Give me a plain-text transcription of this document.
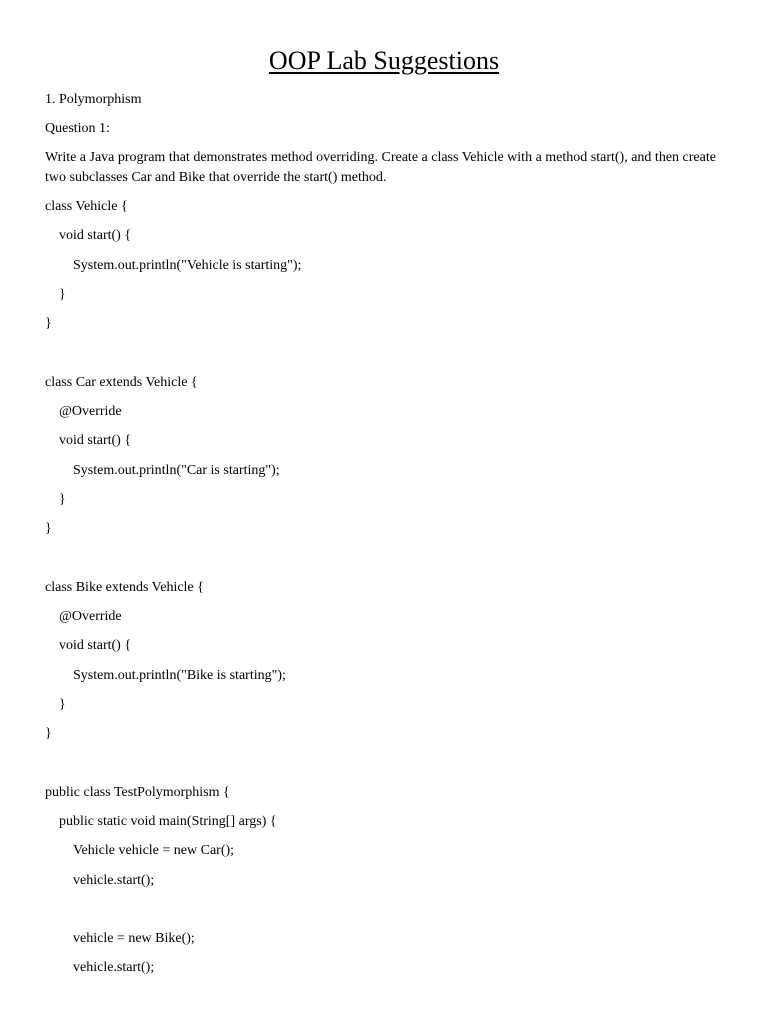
OOP Lab Suggestions
1. Polymorphism
Question 1:
Write a Java program that demonstrates method overriding. Create a class Vehicle with a method start(), and then create two subclasses Car and Bike that override the start() method.
class Vehicle {
void start() {
System.out.println("Vehicle is starting");
}
}
class Car extends Vehicle {
@Override
void start() {
System.out.println("Car is starting");
}
}
class Bike extends Vehicle {
@Override
void start() {
System.out.println("Bike is starting");
}
}
public class TestPolymorphism {
public static void main(String[] args) {
Vehicle vehicle = new Car();
vehicle.start();
vehicle = new Bike();
vehicle.start();
